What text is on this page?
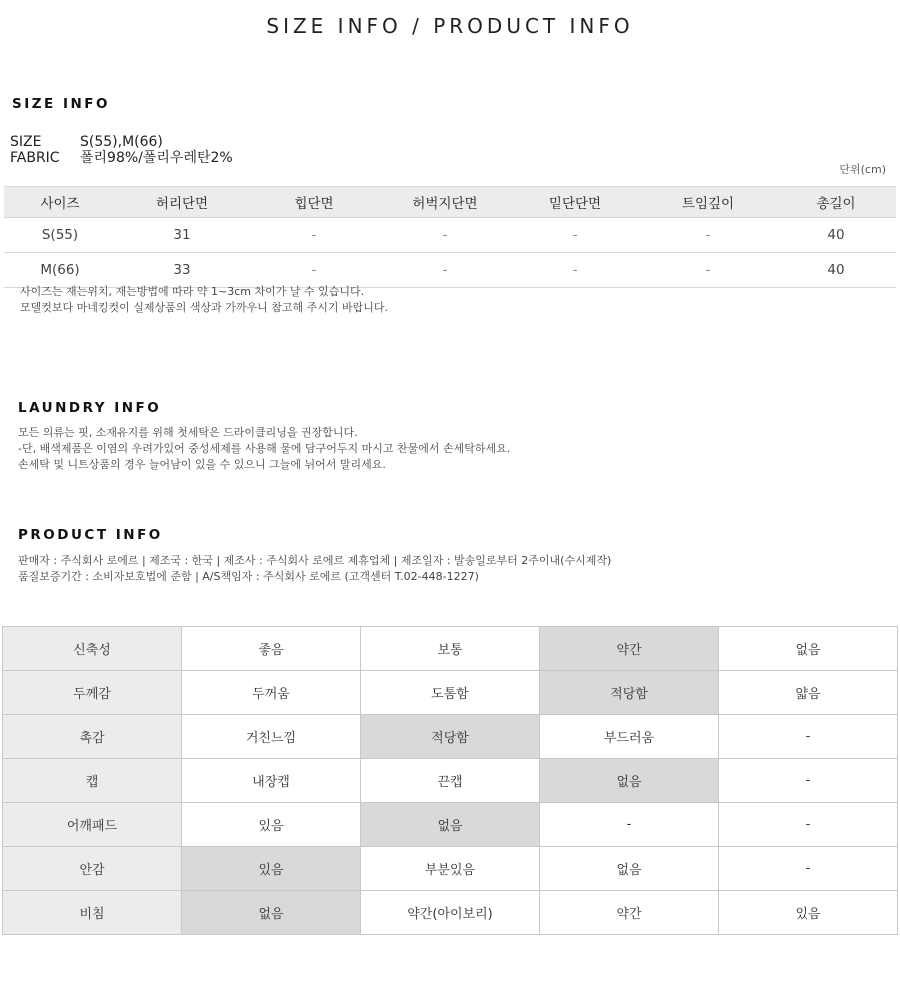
SIZE INFO / PRODUCT INFO
SIZE INFO
SIZE	S(55),M(66)
FABRIC 폴리98%/폴리우레탄2%
단위(cm)
사이즈	허리단면	힙단면	허벅지단면	밑단단면	트임깊이	총길이
S(55)	31	-	-	-	-	40
M(66)	33	-	-	-	-	40
사이즈는 재는위치, 재는방법에 따라 약 1~3cm 차이가 날 수 있습니다.
모델컷보다 마네킹컷이 실제상품의 색상과 가까우니 참고해 주시기 바랍니다.
LAUNDRY INFO
모든 의류는 핏, 소재유지를 위해 첫세탁은 드라이클리닝을 권장합니다.
-단, 배색제품은 이염의 우려가있어 중성세제를 사용해 물에 담구어두지 마시고 찬물에서 손세탁하세요.
손세탁 및 니트상품의 경우 늘어남이 있을 수 있으니 그늘에 뉘어서 말리세요.
PRODUCT INFO
판매자 : 주식회사 로에르 | 제조국 : 한국 | 제조사 : 주식회사 로에르 제휴업체 | 제조일자 : 발송일로부터 2주이내(수시제작)
품질보증기간 : 소비자보호법에 준함 | A/S책임자 : 주식회사 로에르 (고객센터 T.02-448-1227)
신축성	좋음	보통	약간	없음
두께감	두꺼움	도톰함	적당함	얇음
촉감	거친느낌	적당함	부드러움	-
캡	내장캡	끈캡	없음	-
어깨패드	있음	없음	-	-
안감	있음	부분있음	없음	-
비침	없음	약간(아이보리)	약간	있음
